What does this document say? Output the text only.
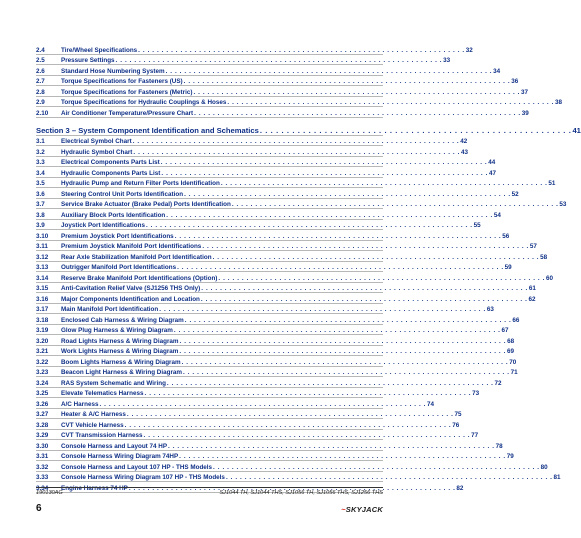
2.4	Tire/Wheel Specifications . . . . . . . . . . . . . . . . . . . . . . . . . . . . . . . . . . . . . . . . . . . . . . . . . . . . . . . . . . . . . . . . . . . . . . 32
2.5	Pressure Settings . . . . . . . . . . . . . . . . . . . . . . . . . . . . . . . . . . . . . . . . . . . . . . . . . . . . . . . . . . . . . . . . . . . . . . 33
2.6	Standard Hose Numbering System . . . . . . . . . . . . . . . . . . . . . . . . . . . . . . . . . . . . . . . . . . . . . . . . . . . . . . . . . . . . . . . . . . . . . . 34
2.7	Torque Specifications for Fasteners (US) . . . . . . . . . . . . . . . . . . . . . . . . . . . . . . . . . . . . . . . . . . . . . . . . . . . . . . . . . . . . . . . . . . . . . . 36
2.8	Torque Specifications for Fasteners (Metric) . . . . . . . . . . . . . . . . . . . . . . . . . . . . . . . . . . . . . . . . . . . . . . . . . . . . . . . . . . . . . . . . . . . . . . 37
2.9	Torque Specifications for Hydraulic Couplings & Hoses . . . . . . . . . . . . . . . . . . . . . . . . . . . . . . . . . . . . . . . . . . . . . . . . . . . . . . . . . . . . . . . . . . . . . . 38
2.10	Air Conditioner Temperature/Pressure Chart . . . . . . . . . . . . . . . . . . . . . . . . . . . . . . . . . . . . . . . . . . . . . . . . . . . . . . . . . . . . . . . . . . . . . . 39
Section 3 – System Component Identification and Schematics . . . . . . . . . . . . . . . . . . . . . . . . . . . . . . . . . . . . . . . . . . . . . . . . . . . . . . . . . . 41
3.1	Electrical Symbol Chart . . . . . . . . . . . . . . . . . . . . . . . . . . . . . . . . . . . . . . . . . . . . . . . . . . . . . . . . . . . . . . . . . . . . . . 42
3.2	Hydraulic Symbol Chart . . . . . . . . . . . . . . . . . . . . . . . . . . . . . . . . . . . . . . . . . . . . . . . . . . . . . . . . . . . . . . . . . . . . . . 43
3.3	Electrical Components Parts List . . . . . . . . . . . . . . . . . . . . . . . . . . . . . . . . . . . . . . . . . . . . . . . . . . . . . . . . . . . . . . . . . . . . . . 44
3.4	Hydraulic Components Parts List . . . . . . . . . . . . . . . . . . . . . . . . . . . . . . . . . . . . . . . . . . . . . . . . . . . . . . . . . . . . . . . . . . . . . . 47
3.5	Hydraulic Pump and Return Filter Ports Identification . . . . . . . . . . . . . . . . . . . . . . . . . . . . . . . . . . . . . . . . . . . . . . . . . . . . . . . . . . . . . . . . . . . . . . 51
3.6	Steering Control Unit Ports Identification . . . . . . . . . . . . . . . . . . . . . . . . . . . . . . . . . . . . . . . . . . . . . . . . . . . . . . . . . . . . . . . . . . . . . . 52
3.7	Service Brake Actuator (Brake Pedal) Ports Identification . . . . . . . . . . . . . . . . . . . . . . . . . . . . . . . . . . . . . . . . . . . . . . . . . . . . . . . . . . . . . . . . . . . . . . 53
3.8	Auxiliary Block Ports Identification . . . . . . . . . . . . . . . . . . . . . . . . . . . . . . . . . . . . . . . . . . . . . . . . . . . . . . . . . . . . . . . . . . . . . . 54
3.9	Joystick Port Identifications . . . . . . . . . . . . . . . . . . . . . . . . . . . . . . . . . . . . . . . . . . . . . . . . . . . . . . . . . . . . . . . . . . . . . . 55
3.10	Premium Joystick Port Identifications . . . . . . . . . . . . . . . . . . . . . . . . . . . . . . . . . . . . . . . . . . . . . . . . . . . . . . . . . . . . . . . . . . . . . . 56
3.11	Premium Joystick Manifold Port Identifications . . . . . . . . . . . . . . . . . . . . . . . . . . . . . . . . . . . . . . . . . . . . . . . . . . . . . . . . . . . . . . . . . . . . . . 57
3.12	Rear Axle Stabilization Manifold Port Identification . . . . . . . . . . . . . . . . . . . . . . . . . . . . . . . . . . . . . . . . . . . . . . . . . . . . . . . . . . . . . . . . . . . . . . 58
3.13	Outrigger Manifold Port Identifications . . . . . . . . . . . . . . . . . . . . . . . . . . . . . . . . . . . . . . . . . . . . . . . . . . . . . . . . . . . . . . . . . . . . . . 59
3.14	Reserve Brake Manifold Port Identifications (Option) . . . . . . . . . . . . . . . . . . . . . . . . . . . . . . . . . . . . . . . . . . . . . . . . . . . . . . . . . . . . . . . . . . . . . . 60
3.15	Anti-Cavitation Relief Valve (SJ1256 THS Only) . . . . . . . . . . . . . . . . . . . . . . . . . . . . . . . . . . . . . . . . . . . . . . . . . . . . . . . . . . . . . . . . . . . . . . 61
3.16	Major Components Identification and Location . . . . . . . . . . . . . . . . . . . . . . . . . . . . . . . . . . . . . . . . . . . . . . . . . . . . . . . . . . . . . . . . . . . . . . 62
3.17	Main Manifold Port Identification . . . . . . . . . . . . . . . . . . . . . . . . . . . . . . . . . . . . . . . . . . . . . . . . . . . . . . . . . . . . . . . . . . . . . . 63
3.18	Enclosed Cab Harness & Wiring Diagram . . . . . . . . . . . . . . . . . . . . . . . . . . . . . . . . . . . . . . . . . . . . . . . . . . . . . . . . . . . . . . . . . . . . . . 66
3.19	Glow Plug Harness & Wiring Diagram . . . . . . . . . . . . . . . . . . . . . . . . . . . . . . . . . . . . . . . . . . . . . . . . . . . . . . . . . . . . . . . . . . . . . . 67
3.20	Road Lights Harness & Wiring Diagram . . . . . . . . . . . . . . . . . . . . . . . . . . . . . . . . . . . . . . . . . . . . . . . . . . . . . . . . . . . . . . . . . . . . . . 68
3.21	Work Lights Harness & Wiring Diagram . . . . . . . . . . . . . . . . . . . . . . . . . . . . . . . . . . . . . . . . . . . . . . . . . . . . . . . . . . . . . . . . . . . . . . 69
3.22	Boom Lights Harness & Wiring Diagram . . . . . . . . . . . . . . . . . . . . . . . . . . . . . . . . . . . . . . . . . . . . . . . . . . . . . . . . . . . . . . . . . . . . . . 70
3.23	Beacon Light Harness & Wiring Diagram . . . . . . . . . . . . . . . . . . . . . . . . . . . . . . . . . . . . . . . . . . . . . . . . . . . . . . . . . . . . . . . . . . . . . . 71
3.24	RAS System Schematic and Wiring . . . . . . . . . . . . . . . . . . . . . . . . . . . . . . . . . . . . . . . . . . . . . . . . . . . . . . . . . . . . . . . . . . . . . . 72
3.25	Elevate Telematics Harness . . . . . . . . . . . . . . . . . . . . . . . . . . . . . . . . . . . . . . . . . . . . . . . . . . . . . . . . . . . . . . . . . . . . . . 73
3.26	A/C Harness . . . . . . . . . . . . . . . . . . . . . . . . . . . . . . . . . . . . . . . . . . . . . . . . . . . . . . . . . . . . . . . . . . . . . . 74
3.27	Heater & A/C Harness . . . . . . . . . . . . . . . . . . . . . . . . . . . . . . . . . . . . . . . . . . . . . . . . . . . . . . . . . . . . . . . . . . . . . . 75
3.28	CVT Vehicle Harness . . . . . . . . . . . . . . . . . . . . . . . . . . . . . . . . . . . . . . . . . . . . . . . . . . . . . . . . . . . . . . . . . . . . . . 76
3.29	CVT Transmission Harness . . . . . . . . . . . . . . . . . . . . . . . . . . . . . . . . . . . . . . . . . . . . . . . . . . . . . . . . . . . . . . . . . . . . . . 77
3.30	Console Harness and Layout 74 HP . . . . . . . . . . . . . . . . . . . . . . . . . . . . . . . . . . . . . . . . . . . . . . . . . . . . . . . . . . . . . . . . . . . . . . 78
3.31	Console Harness Wiring Diagram 74HP . . . . . . . . . . . . . . . . . . . . . . . . . . . . . . . . . . . . . . . . . . . . . . . . . . . . . . . . . . . . . . . . . . . . . . 79
3.32	Console Harness and Layout 107 HP - THS Models . . . . . . . . . . . . . . . . . . . . . . . . . . . . . . . . . . . . . . . . . . . . . . . . . . . . . . . . . . . . . . . . . . . . . . 80
3.33	Console Harness Wiring Diagram 107 HP - THS Models . . . . . . . . . . . . . . . . . . . . . . . . . . . . . . . . . . . . . . . . . . . . . . . . . . . . . . . . . . . . . . . . . . . . . . 81
3.34	Engine Harness 74 HP . . . . . . . . . . . . . . . . . . . . . . . . . . . . . . . . . . . . . . . . . . . . . . . . . . . . . . . . . . . . . . . . . . . . . . 82
190130AG	SJ1044 TH, SJ1044 THS, SJ1056 TH, SJ1056 THS, SJ1256 THS
6	~SKYJACK
